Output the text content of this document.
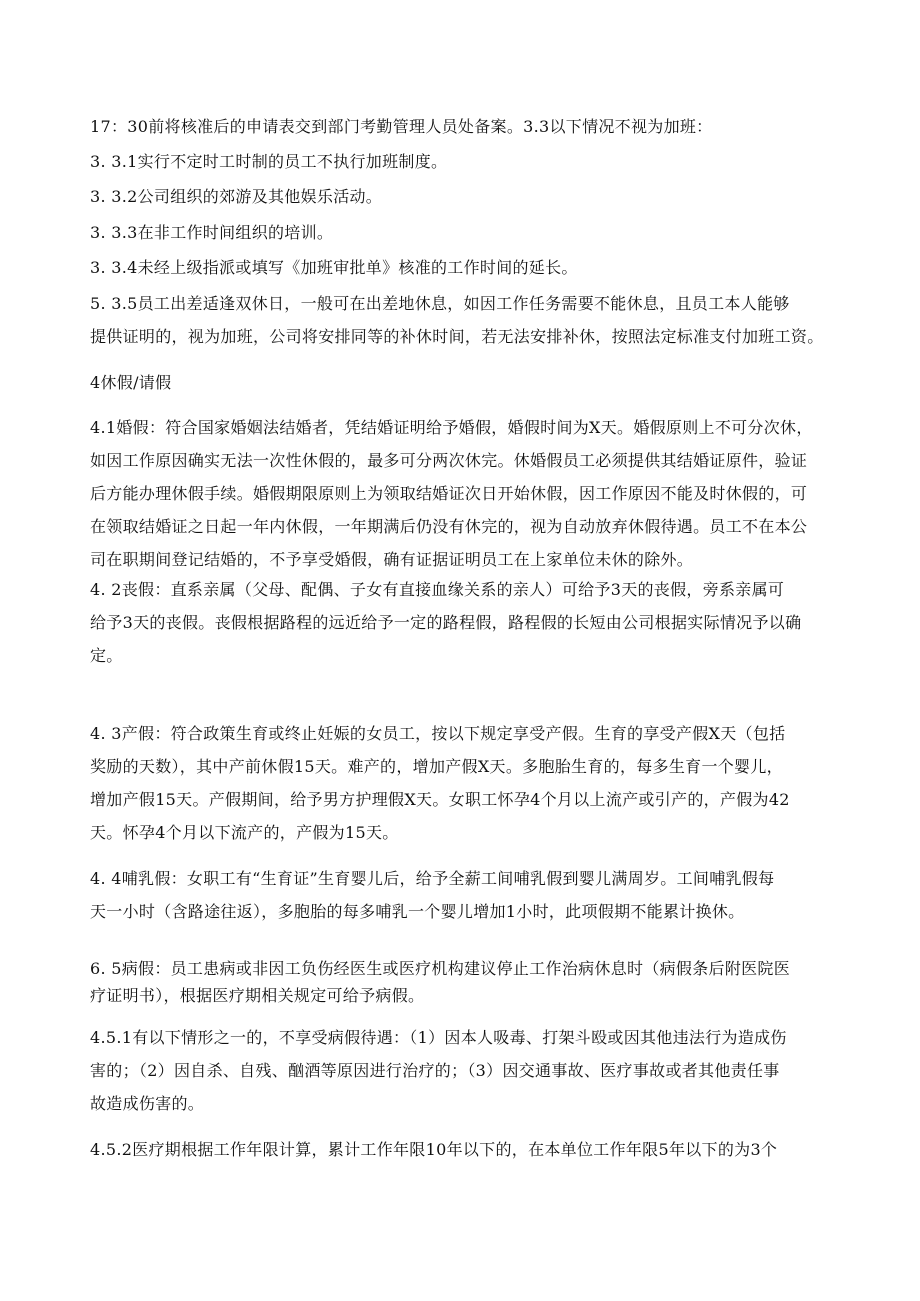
17：30前将核准后的申请表交到部门考勤管理人员处备案。3.3以下情况不视为加班：
3. 3.1实行不定时工时制的员工不执行加班制度。
3. 3.2公司组织的郊游及其他娱乐活动。
3. 3.3在非工作时间组织的培训。
3. 3.4未经上级指派或填写《加班审批单》核准的工作时间的延长。
5. 3.5员工出差适逢双休日，一般可在出差地休息，如因工作任务需要不能休息，且员工本人能够
提供证明的，视为加班，公司将安排同等的补休时间，若无法安排补休，按照法定标准支付加班工资。
4休假/请假
4.1婚假：符合国家婚姻法结婚者，凭结婚证明给予婚假，婚假时间为X天。婚假原则上不可分次休，
如因工作原因确实无法一次性休假的，最多可分两次休完。休婚假员工必须提供其结婚证原件，验证
后方能办理休假手续。婚假期限原则上为领取结婚证次日开始休假，因工作原因不能及时休假的，可
在领取结婚证之日起一年内休假，一年期满后仍没有休完的，视为自动放弃休假待遇。员工不在本公
司在职期间登记结婚的，不予享受婚假，确有证据证明员工在上家单位未休的除外。
4. 2丧假：直系亲属（父母、配偶、子女有直接血缘关系的亲人）可给予3天的丧假，旁系亲属可
给予3天的丧假。丧假根据路程的远近给予一定的路程假，路程假的长短由公司根据实际情况予以确
定。
4. 3产假：符合政策生育或终止妊娠的女员工，按以下规定享受产假。生育的享受产假X天（包括
奖励的天数），其中产前休假15天。难产的，增加产假X天。多胞胎生育的，每多生育一个婴儿，
增加产假15天。产假期间，给予男方护理假X天。女职工怀孕4个月以上流产或引产的，产假为42
天。怀孕4个月以下流产的，产假为15天。
4. 4哺乳假：女职工有“生育证”生育婴儿后，给予全薪工间哺乳假到婴儿满周岁。工间哺乳假每
天一小时（含路途往返），多胞胎的每多哺乳一个婴儿增加1小时，此项假期不能累计换休。
6. 5病假：员工患病或非因工负伤经医生或医疗机构建议停止工作治病休息时（病假条后附医院医
疗证明书），根据医疗期相关规定可给予病假。
4.5.1有以下情形之一的，不享受病假待遇：（1）因本人吸毒、打架斗殴或因其他违法行为造成伤
害的；（2）因自杀、自残、酗酒等原因进行治疗的；（3）因交通事故、医疗事故或者其他责任事
故造成伤害的。
4.5.2医疗期根据工作年限计算，累计工作年限10年以下的，在本单位工作年限5年以下的为3个
